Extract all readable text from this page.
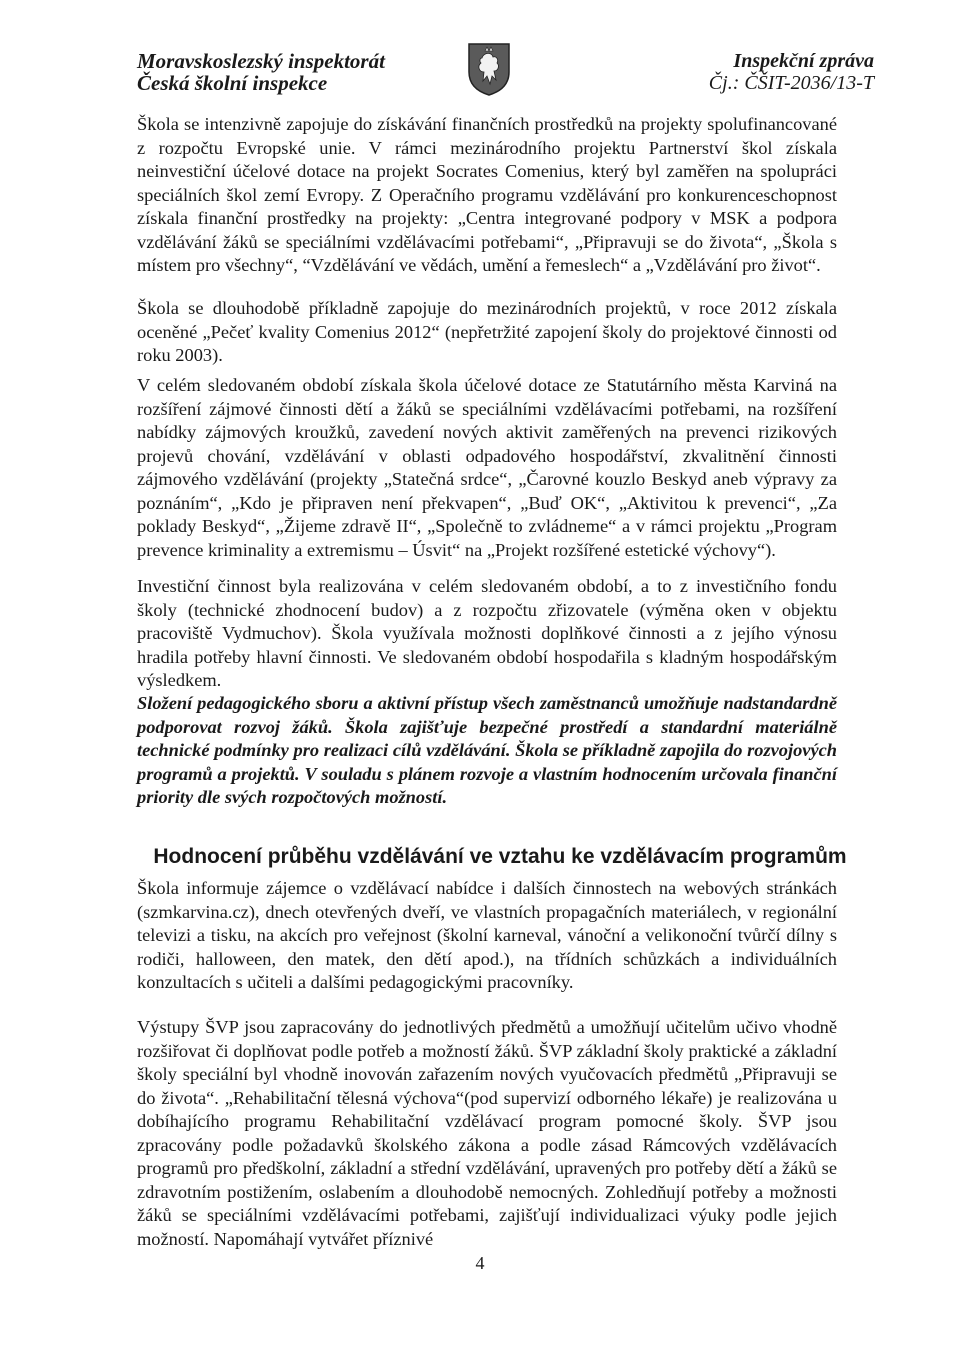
Moravskoslezský inspektorát
Česká školní inspekce
Inspekční zpráva
Čj.: ČŠIT-2036/13-T

Škola se intenzivně zapojuje do získávání finančních prostředků na projekty spolufinancované z rozpočtu Evropské unie. V rámci mezinárodního projektu Partnerství škol získala neinvestiční účelové dotace na projekt Socrates Comenius, který byl zaměřen na spolupráci speciálních škol zemí Evropy. Z Operačního programu vzdělávání pro konkurenceschopnost získala finanční prostředky na projekty: „Centra integrované podpory v MSK a podpora vzdělávání žáků se speciálními vzdělávacími potřebami“, „Připravuji se do života“, „Škola s místem pro všechny“, “Vzdělávání ve vědách, umění a řemeslech“ a „Vzdělávání pro život“.

Škola se dlouhodobě příkladně zapojuje do mezinárodních projektů, v roce 2012 získala oceněné „Pečeť kvality Comenius 2012“ (nepřetržité zapojení školy do projektové činnosti od roku 2003).

V celém sledovaném období získala škola účelové dotace ze Statutárního města Karviná na rozšíření zájmové činnosti dětí a žáků se speciálními vzdělávacími potřebami, na rozšíření nabídky zájmových kroužků, zavedení nových aktivit zaměřených na prevenci rizikových projevů chování, vzdělávání v oblasti odpadového hospodářství, zkvalitnění činnosti zájmového vzdělávání (projekty „Statečná srdce“, „Čarovné kouzlo Beskyd aneb výpravy za poznáním“, „Kdo je připraven není překvapen“, „Buď OK“, „Aktivitou k prevenci“, „Za poklady Beskyd“, „Žijeme zdravě II“, „Společně to zvládneme“ a v rámci projektu „Program prevence kriminality a extremismu – Úsvit“ na „Projekt rozšířené estetické výchovy“).

Investiční činnost byla realizována v celém sledovaném období, a to z investičního fondu školy (technické zhodnocení budov) a z rozpočtu zřizovatele (výměna oken v objektu pracoviště Vydmuchov). Škola využívala možnosti doplňkové činnosti a z jejího výnosu hradila potřeby hlavní činnosti. Ve sledovaném období hospodařila s kladným hospodářským výsledkem.

Složení pedagogického sboru a aktivní přístup všech zaměstnanců umožňuje nadstandardně podporovat rozvoj žáků. Škola zajišťuje bezpečné prostředí a standardní materiálně technické podmínky pro realizaci cílů vzdělávání. Škola se příkladně zapojila do rozvojových programů a projektů. V souladu s plánem rozvoje a vlastním hodnocením určovala finanční priority dle svých rozpočtových možností.

Hodnocení průběhu vzdělávání ve vztahu ke vzdělávacím programům

Škola informuje zájemce o vzdělávací nabídce i dalších činnostech na webových stránkách (szmkarvina.cz), dnech otevřených dveří, ve vlastních propagačních materiálech, v regionální televizi a tisku, na akcích pro veřejnost (školní karneval, vánoční a velikonoční tvůrčí dílny s rodiči, halloween, den matek, den dětí apod.), na třídních schůzkách a individuálních konzultacích s učiteli a dalšími pedagogickými pracovníky.

Výstupy ŠVP jsou zapracovány do jednotlivých předmětů a umožňují učitelům učivo vhodně rozšiřovat či doplňovat podle potřeb a možností žáků. ŠVP základní školy praktické a základní školy speciální byl vhodně inovován zařazením nových vyučovacích předmětů „Připravuji se do života“. „Rehabilitační tělesná výchova“(pod supervizí odborného lékaře) je realizována u dobíhajícího programu Rehabilitační vzdělávací program pomocné školy. ŠVP jsou zpracovány podle požadavků školského zákona a podle zásad Rámcových vzdělávacích programů pro předškolní, základní a střední vzdělávání, upravených pro potřeby dětí a žáků se zdravotním postižením, oslabením a dlouhodobě nemocných. Zohledňují potřeby a možnosti žáků se speciálními vzdělávacími potřebami, zajišťují individualizaci výuky podle jejich možností. Napomáhají vytvářet příznivé

4
